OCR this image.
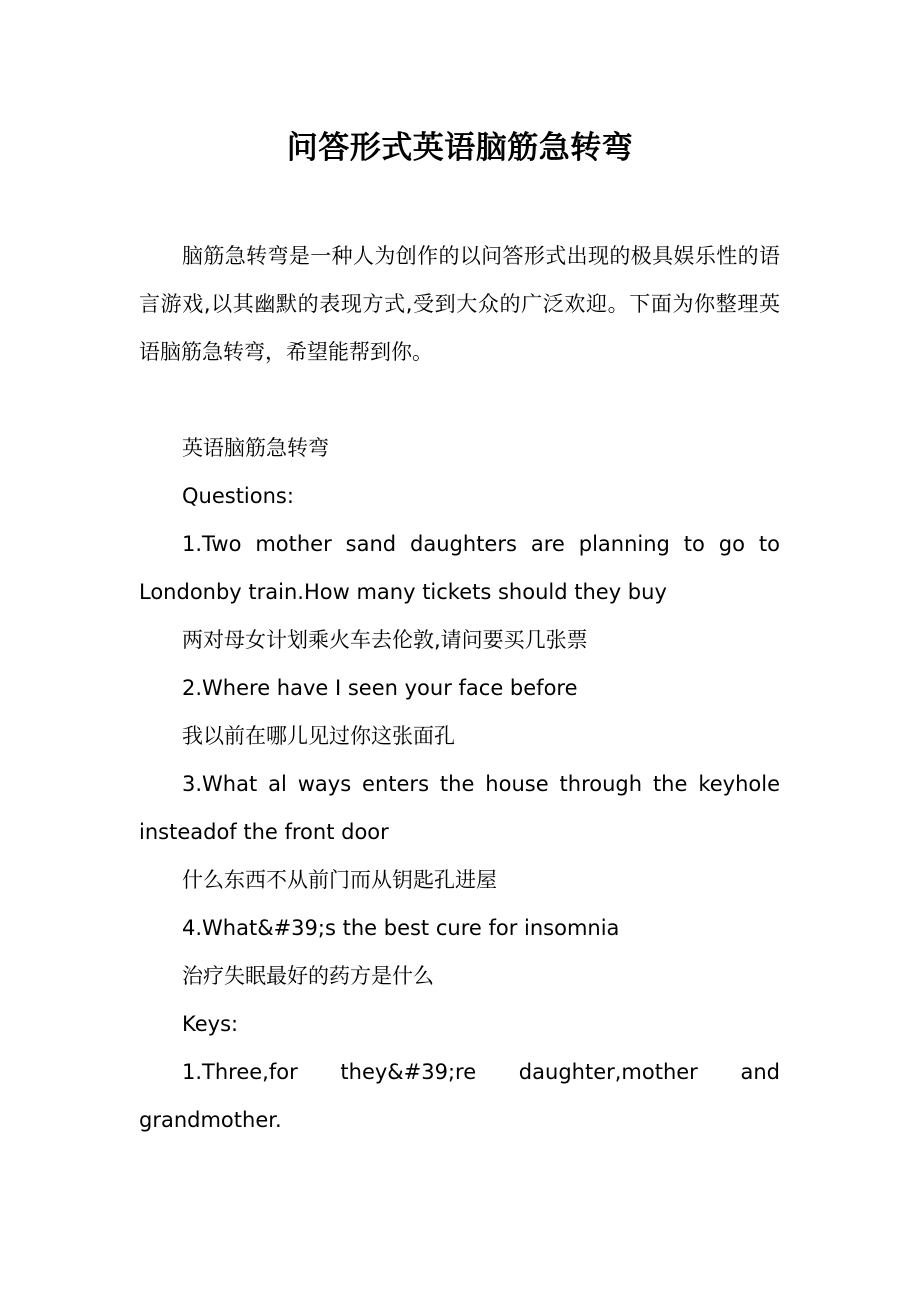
问答形式英语脑筋急转弯

脑筋急转弯是一种人为创作的以问答形式出现的极具娱乐性的语言游戏,以其幽默的表现方式,受到大众的广泛欢迎。下面为你整理英语脑筋急转弯，希望能帮到你。

英语脑筋急转弯

Questions:

1.Two mother sand daughters are planning to go to Londonby train.How many tickets should they buy

两对母女计划乘火车去伦敦,请问要买几张票

2.Where have I seen your face before

我以前在哪儿见过你这张面孔

3.What al ways enters the house through the keyhole insteadof the front door

什么东西不从前门而从钥匙孔进屋

4.What&#39;s the best cure for insomnia

治疗失眠最好的药方是什么

Keys:

1.Three,for they&#39;re daughter,mother and grandmother.
